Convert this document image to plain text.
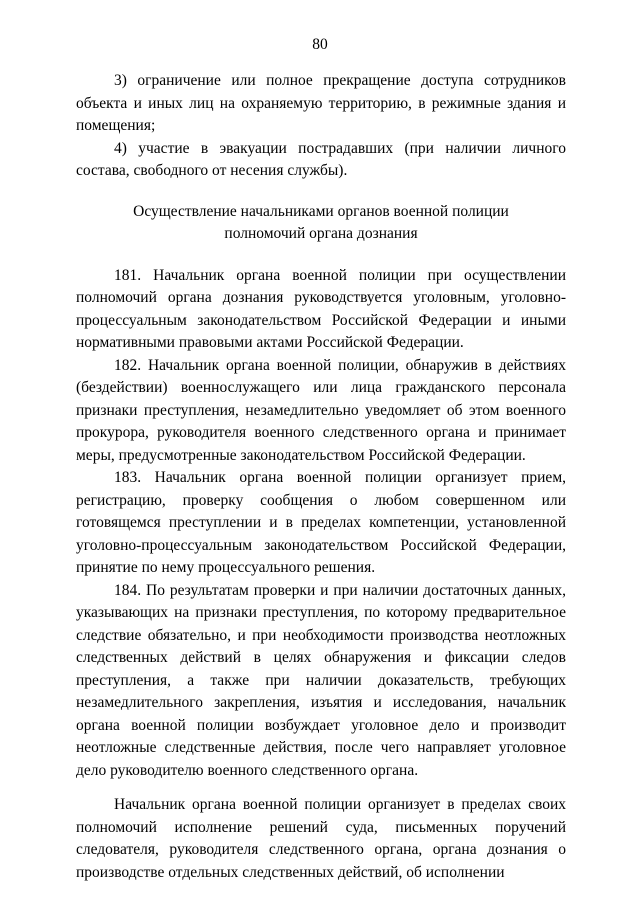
80

3) ограничение или полное прекращение доступа сотрудников объекта и иных лиц на охраняемую территорию, в режимные здания и помещения;

4) участие в эвакуации пострадавших (при наличии личного состава, свободного от несения службы).

Осуществление начальниками органов военной полиции
полномочий органа дознания

181. Начальник органа военной полиции при осуществлении полномочий органа дознания руководствуется уголовным, уголовно-процессуальным законодательством Российской Федерации и иными нормативными правовыми актами Российской Федерации.

182. Начальник органа военной полиции, обнаружив в действиях (бездействии) военнослужащего или лица гражданского персонала признаки преступления, незамедлительно уведомляет об этом военного прокурора, руководителя военного следственного органа и принимает меры, предусмотренные законодательством Российской Федерации.

183. Начальник органа военной полиции организует прием, регистрацию, проверку сообщения о любом совершенном или готовящемся преступлении и в пределах компетенции, установленной уголовно-процессуальным законодательством Российской Федерации, принятие по нему процессуального решения.

184. По результатам проверки и при наличии достаточных данных, указывающих на признаки преступления, по которому предварительное следствие обязательно, и при необходимости производства неотложных следственных действий в целях обнаружения и фиксации следов преступления, а также при наличии доказательств, требующих незамедлительного закрепления, изъятия и исследования, начальник органа военной полиции возбуждает уголовное дело и производит неотложные следственные действия, после чего направляет уголовное дело руководителю военного следственного органа.

Начальник органа военной полиции организует в пределах своих полномочий исполнение решений суда, письменных поручений следователя, руководителя следственного органа, органа дознания о производстве отдельных следственных действий, об исполнении
